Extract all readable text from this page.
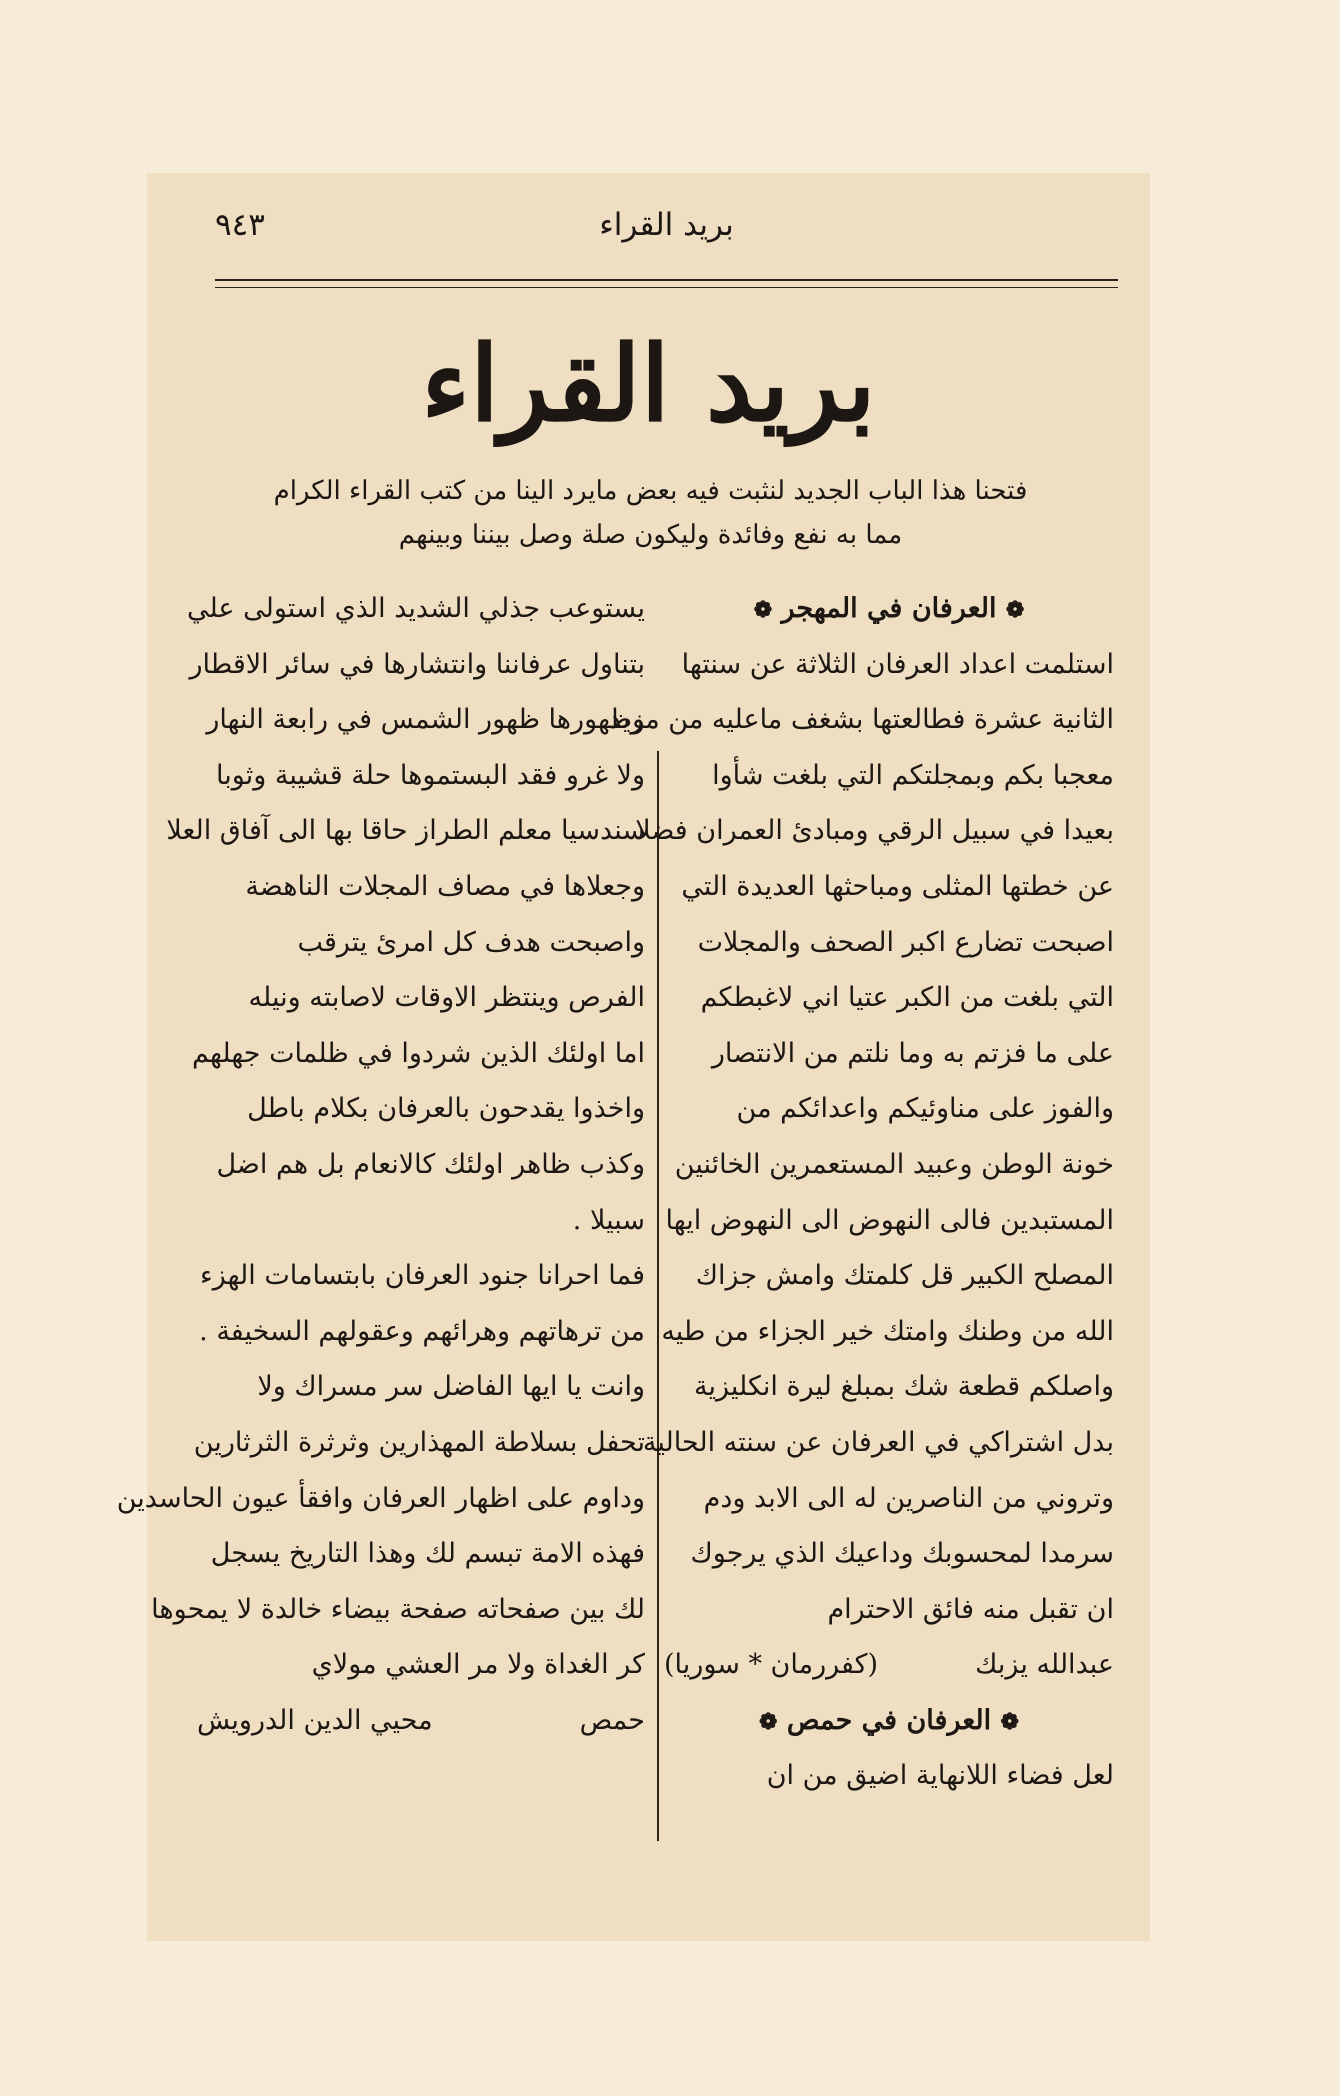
بريد القراء
٩٤٣
بريد القراء
فتحنا هذا الباب الجديد لنثبت فيه بعض مايرد الينا من كتب القراء الكرام
مما به نفع وفائدة وليكون صلة وصل بيننا وبينهم
❁ العرفان في المهجر ❁
استلمت اعداد العرفان الثلاثة عن سنتها
الثانية عشرة فطالعتها بشغف ماعليه من مزيد
معجبا بكم وبمجلتكم التي بلغت شأوا
بعيدا في سبيل الرقي ومبادئ العمران فضلا
عن خطتها المثلى ومباحثها العديدة التي
اصبحت تضارع اكبر الصحف والمجلات
التي بلغت من الكبر عتيا اني لاغبطكم
على ما فزتم به وما نلتم من الانتصار
والفوز على مناوئيكم واعدائكم من
خونة الوطن وعبيد المستعمرين الخائنين
المستبدين فالى النهوض الى النهوض ايها
المصلح الكبير قل كلمتك وامش جزاك
الله من وطنك وامتك خير الجزاء من طيه
واصلكم قطعة شك بمبلغ ليرة انكليزية
بدل اشتراكي في العرفان عن سنته الحالية
وتروني من الناصرين له الى الابد ودم
سرمدا لمحسوبك وداعيك الذي يرجوك
ان تقبل منه فائق الاحترام
عبدالله يزبك
(كفررمان * سوريا)
❁ العرفان في حمص ❁
لعل فضاء اللانهاية اضيق من ان
يستوعب جذلي الشديد الذي استولى علي
بتناول عرفاننا وانتشارها في سائر الاقطار
وظهورها ظهور الشمس في رابعة النهار
ولا غرو فقد البستموها حلة قشيبة وثوبا
سندسيا معلم الطراز حاقا بها الى آفاق العلا
وجعلاها في مصاف المجلات الناهضة
واصبحت هدف كل امرئ يترقب
الفرص وينتظر الاوقات لاصابته ونيله
اما اولئك الذين شردوا في ظلمات جهلهم
واخذوا يقدحون بالعرفان بكلام باطل
وكذب ظاهر اولئك كالانعام بل هم اضل
سبيلا .
فما احرانا جنود العرفان بابتسامات الهزء
من ترهاتهم وهرائهم وعقولهم السخيفة .
وانت يا ايها الفاضل سر مسراك ولا
تحفل بسلاطة المهذارين وثرثرة الثرثارين
وداوم على اظهار العرفان وافقأ عيون الحاسدين
فهذه الامة تبسم لك وهذا التاريخ يسجل
لك بين صفحاته صفحة بيضاء خالدة لا يمحوها
كر الغداة ولا مر العشي مولاي
حمص
محيي الدين الدرويش
